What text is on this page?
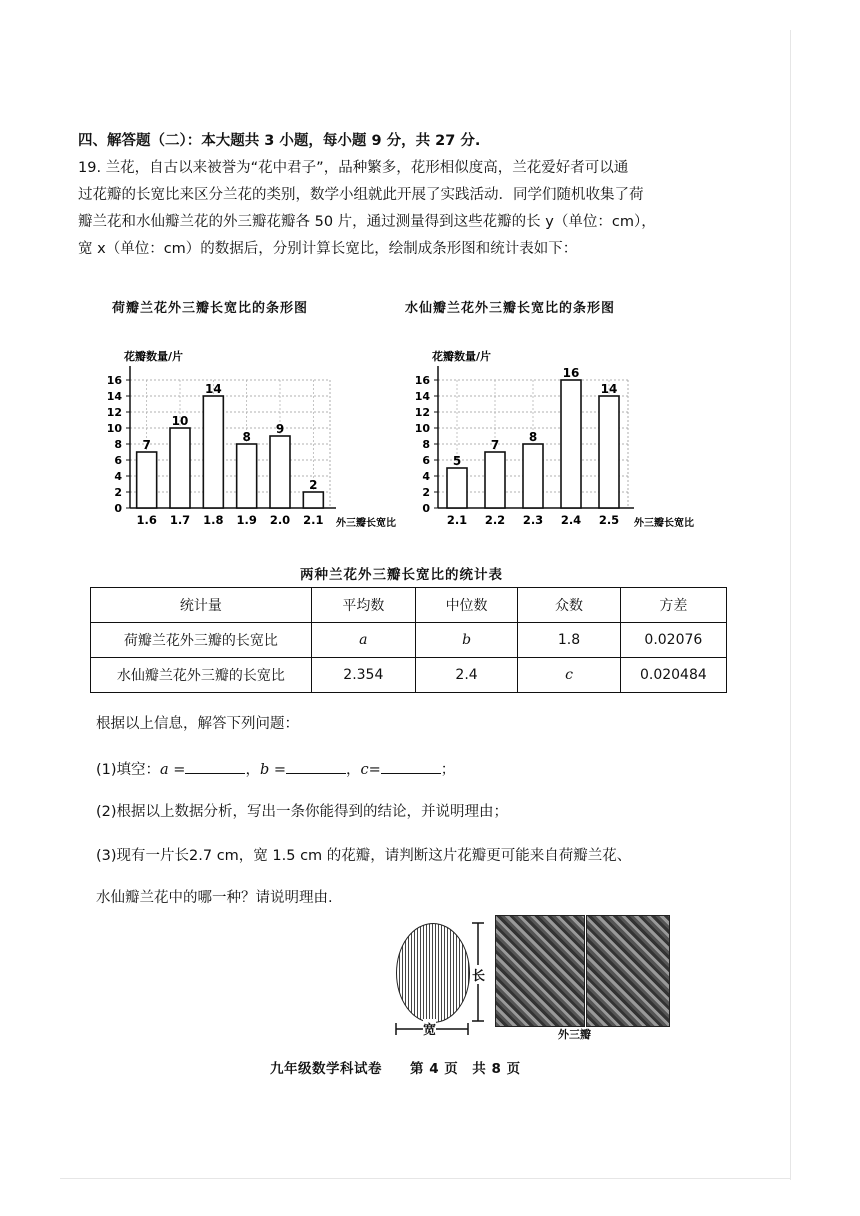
四、解答题（二）：本大题共 3 小题，每小题 9 分，共 27 分.
19. 兰花，自古以来被誉为“花中君子”，品种繁多，花形相似度高，兰花爱好者可以通
过花瓣的长宽比来区分兰花的类别，数学小组就此开展了实践活动．同学们随机收集了荷
瓣兰花和水仙瓣兰花的外三瓣花瓣各 50 片，通过测量得到这些花瓣的长 y（单位：cm），
宽 x（单位：cm）的数据后，分别计算长宽比，绘制成条形图和统计表如下：
荷瓣兰花外三瓣长宽比的条形图	水仙瓣兰花外三瓣长宽比的条形图
花瓣数量/片
16
14
12
10
8
6
4
2
0
7
1.6
10
1.7
14
1.8
8
1.9
9
2.0
2
2.1 外三瓣长宽比
花瓣数量/片
16
14
12
10
8
6
4
2
0
5
2.1
7
2.2
8
2.3
16
2.4
14
2.5 外三瓣长宽比
两种兰花外三瓣长宽比的统计表
统计量	平均数	中位数	众数	方差
荷瓣兰花外三瓣的长宽比	a	b	1.8	0.02076
水仙瓣兰花外三瓣的长宽比	2.354	2.4	c	0.020484
根据以上信息，解答下列问题：
(1)填空：a =	，b =	，c=	；
(2)根据以上数据分析，写出一条你能得到的结论，并说明理由；
(3)现有一片长2.7 cm，宽 1.5 cm 的花瓣，请判断这片花瓣更可能来自荷瓣兰花、
水仙瓣兰花中的哪一种？请说明理由.
长
宽	外三瓣
九年级数学科试卷　　第 4 页　共 8 页
